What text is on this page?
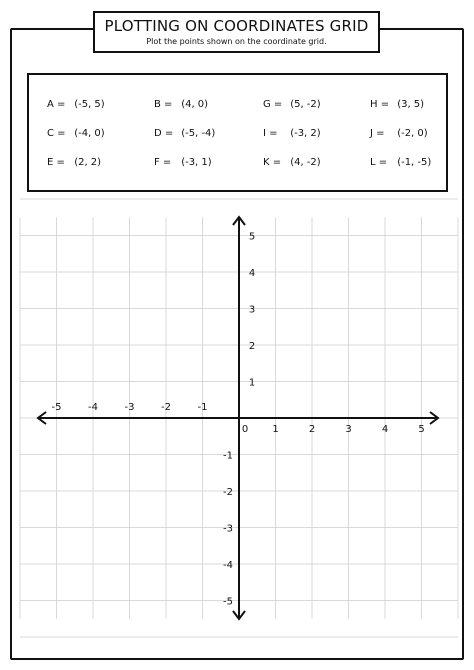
PLOTTING ON COORDINATES GRID
Plot the points shown on the coordinate grid.
A = (-5, 5)	B = (4, 0)	G = (5, -2)	H = (3, 5)
C = (-4, 0)	D = (-5, -4)	I = (-3, 2)	J = (-2, 0)
E = (2, 2)	F = (-3, 1)	K = (4, -2)	L = (-1, -5)
-5	-4	-3	-2	-1
0 1	2	3	4	5
5
4
3
2
1
-1
-2
-3
-4
-5
